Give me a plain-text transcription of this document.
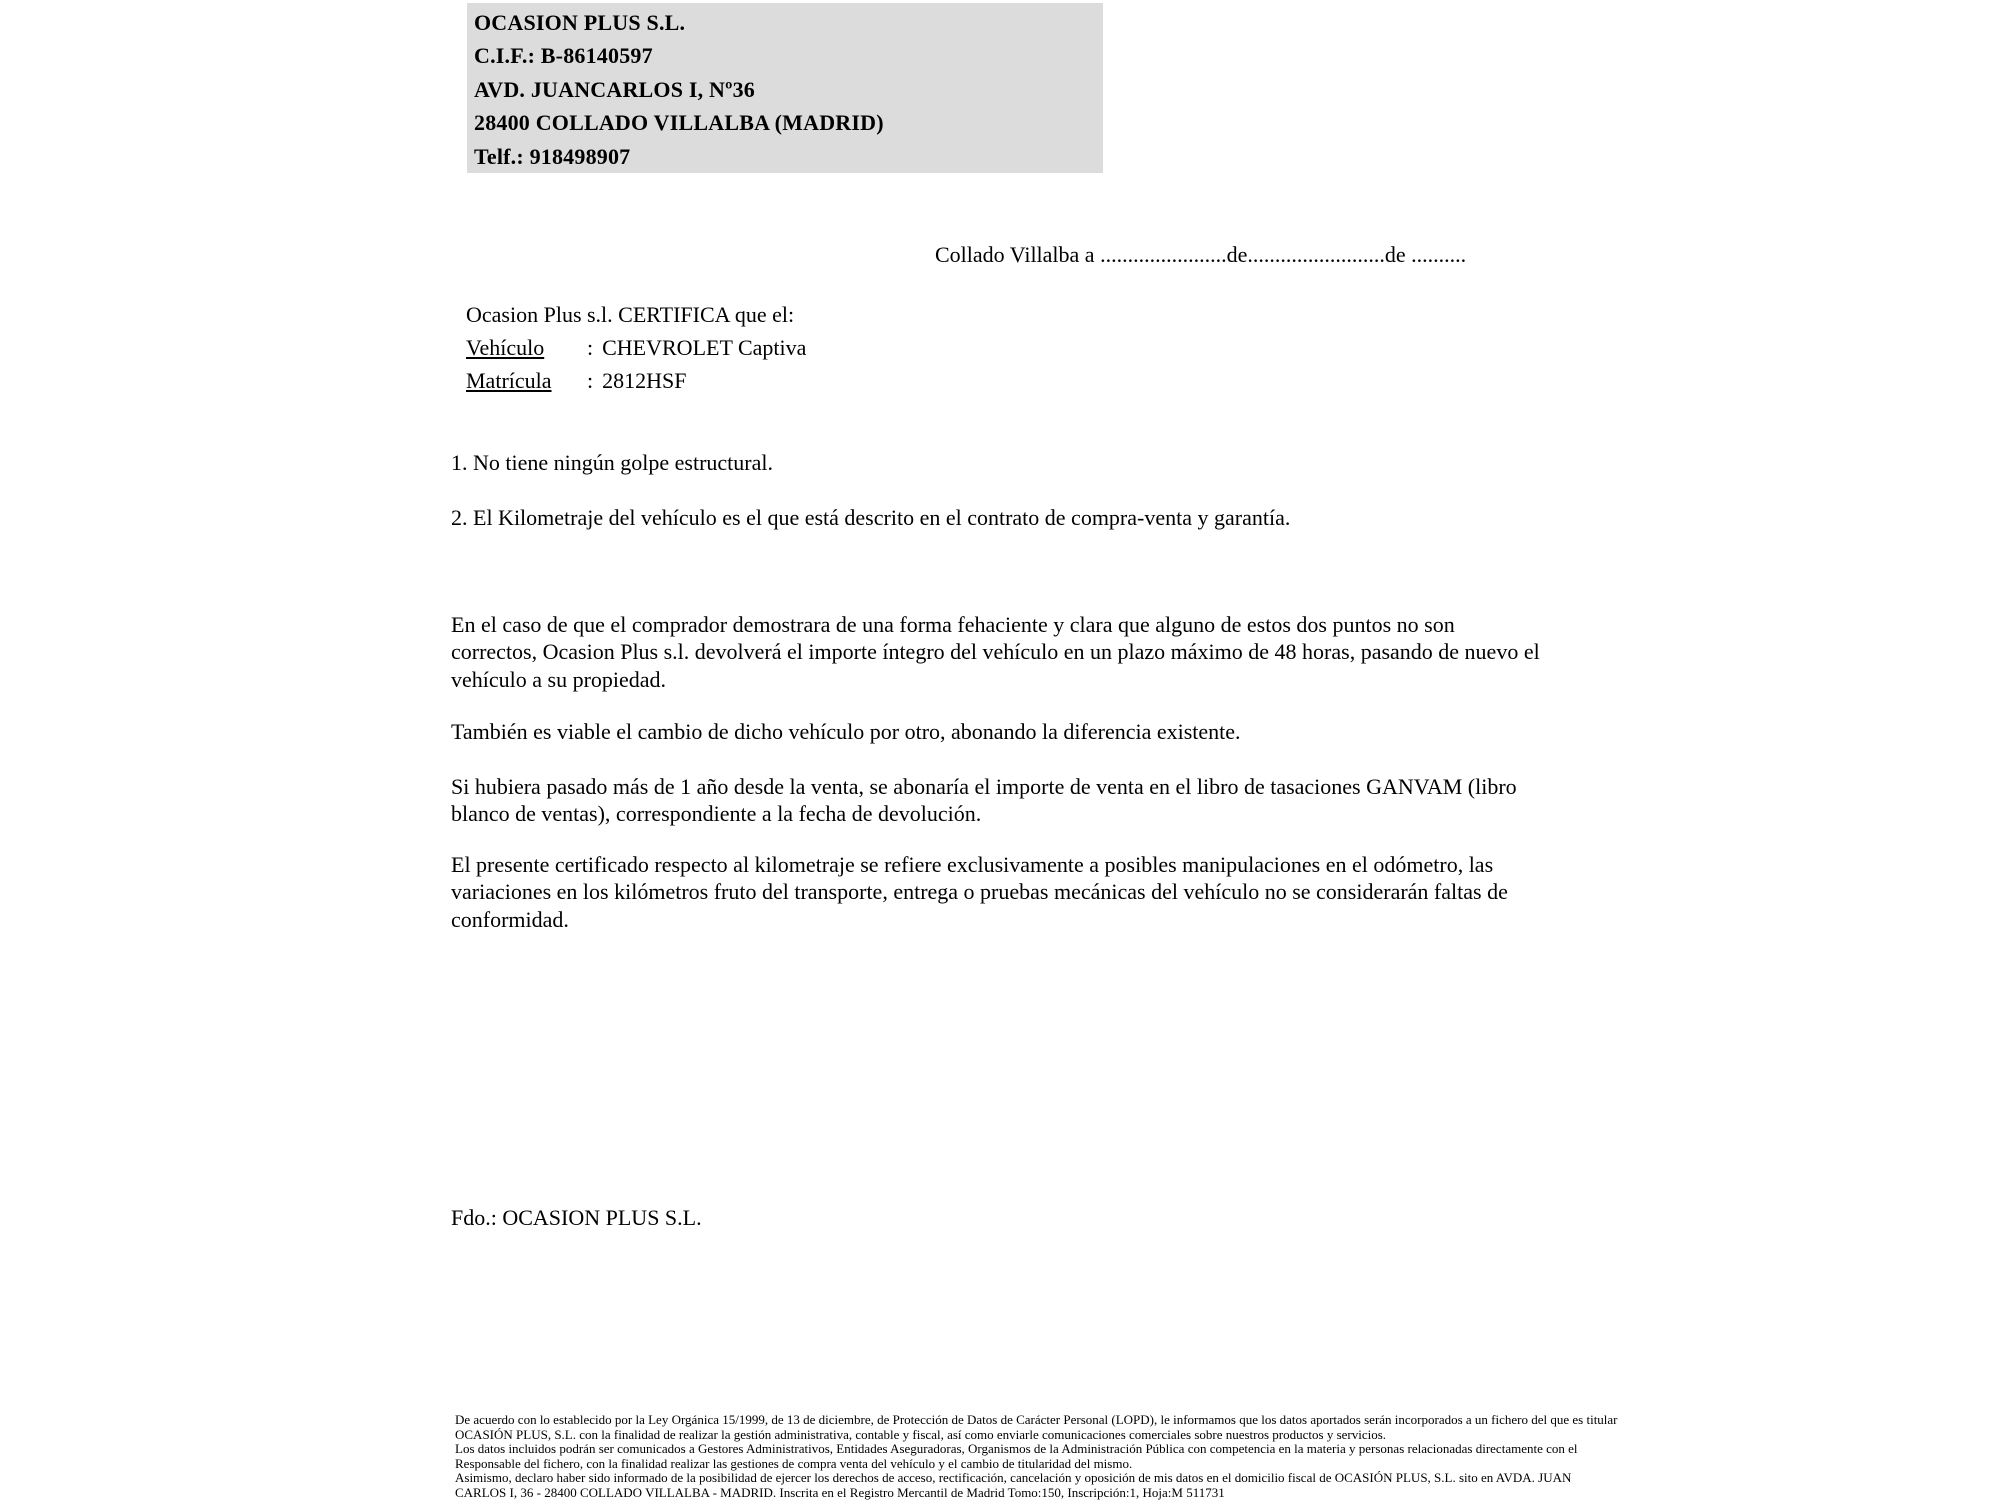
OCASION PLUS S.L.
C.I.F.: B-86140597
AVD. JUANCARLOS I, Nº36
28400 COLLADO VILLALBA (MADRID)
Telf.: 918498907
Collado Villalba a .......................de.........................de ..........
Ocasion Plus s.l. CERTIFICA que el:
Vehículo : CHEVROLET Captiva
Matrícula : 2812HSF
1. No tiene ningún golpe estructural.
2. El Kilometraje del vehículo es el que está descrito en el contrato de compra-venta y garantía.
En el caso de que el comprador demostrara de una forma fehaciente y clara que alguno de estos dos puntos no son correctos, Ocasion Plus s.l. devolverá el importe íntegro del vehículo en un plazo máximo de 48 horas, pasando de nuevo el vehículo a su propiedad.
También es viable el cambio de dicho vehículo por otro, abonando la diferencia existente.
Si hubiera pasado más de 1 año desde la venta, se abonaría el importe de venta en el libro de tasaciones GANVAM (libro blanco de ventas), correspondiente a la fecha de devolución.
El presente certificado respecto al kilometraje se refiere exclusivamente a posibles manipulaciones en el odómetro, las variaciones en los kilómetros fruto del transporte, entrega o pruebas mecánicas del vehículo no se considerarán faltas de conformidad.
Fdo.: OCASION PLUS S.L.
De acuerdo con lo establecido por la Ley Orgánica 15/1999, de 13 de diciembre, de Protección de Datos de Carácter Personal (LOPD), le informamos que los datos aportados serán incorporados a un fichero del que es titular
OCASIÓN PLUS, S.L. con la finalidad de realizar la gestión administrativa, contable y fiscal, así como enviarle comunicaciones comerciales sobre nuestros productos y servicios.
Los datos incluidos podrán ser comunicados a Gestores Administrativos, Entidades Aseguradoras, Organismos de la Administración Pública con competencia en la materia y personas relacionadas directamente con el
Responsable del fichero, con la finalidad realizar las gestiones de compra venta del vehículo y el cambio de titularidad del mismo.
Asimismo, declaro haber sido informado de la posibilidad de ejercer los derechos de acceso, rectificación, cancelación y oposición de mis datos en el domicilio fiscal de OCASIÓN PLUS, S.L. sito en AVDA. JUAN
CARLOS I, 36 - 28400 COLLADO VILLALBA - MADRID. Inscrita en el Registro Mercantil de Madrid Tomo:150, Inscripción:1, Hoja:M 511731
